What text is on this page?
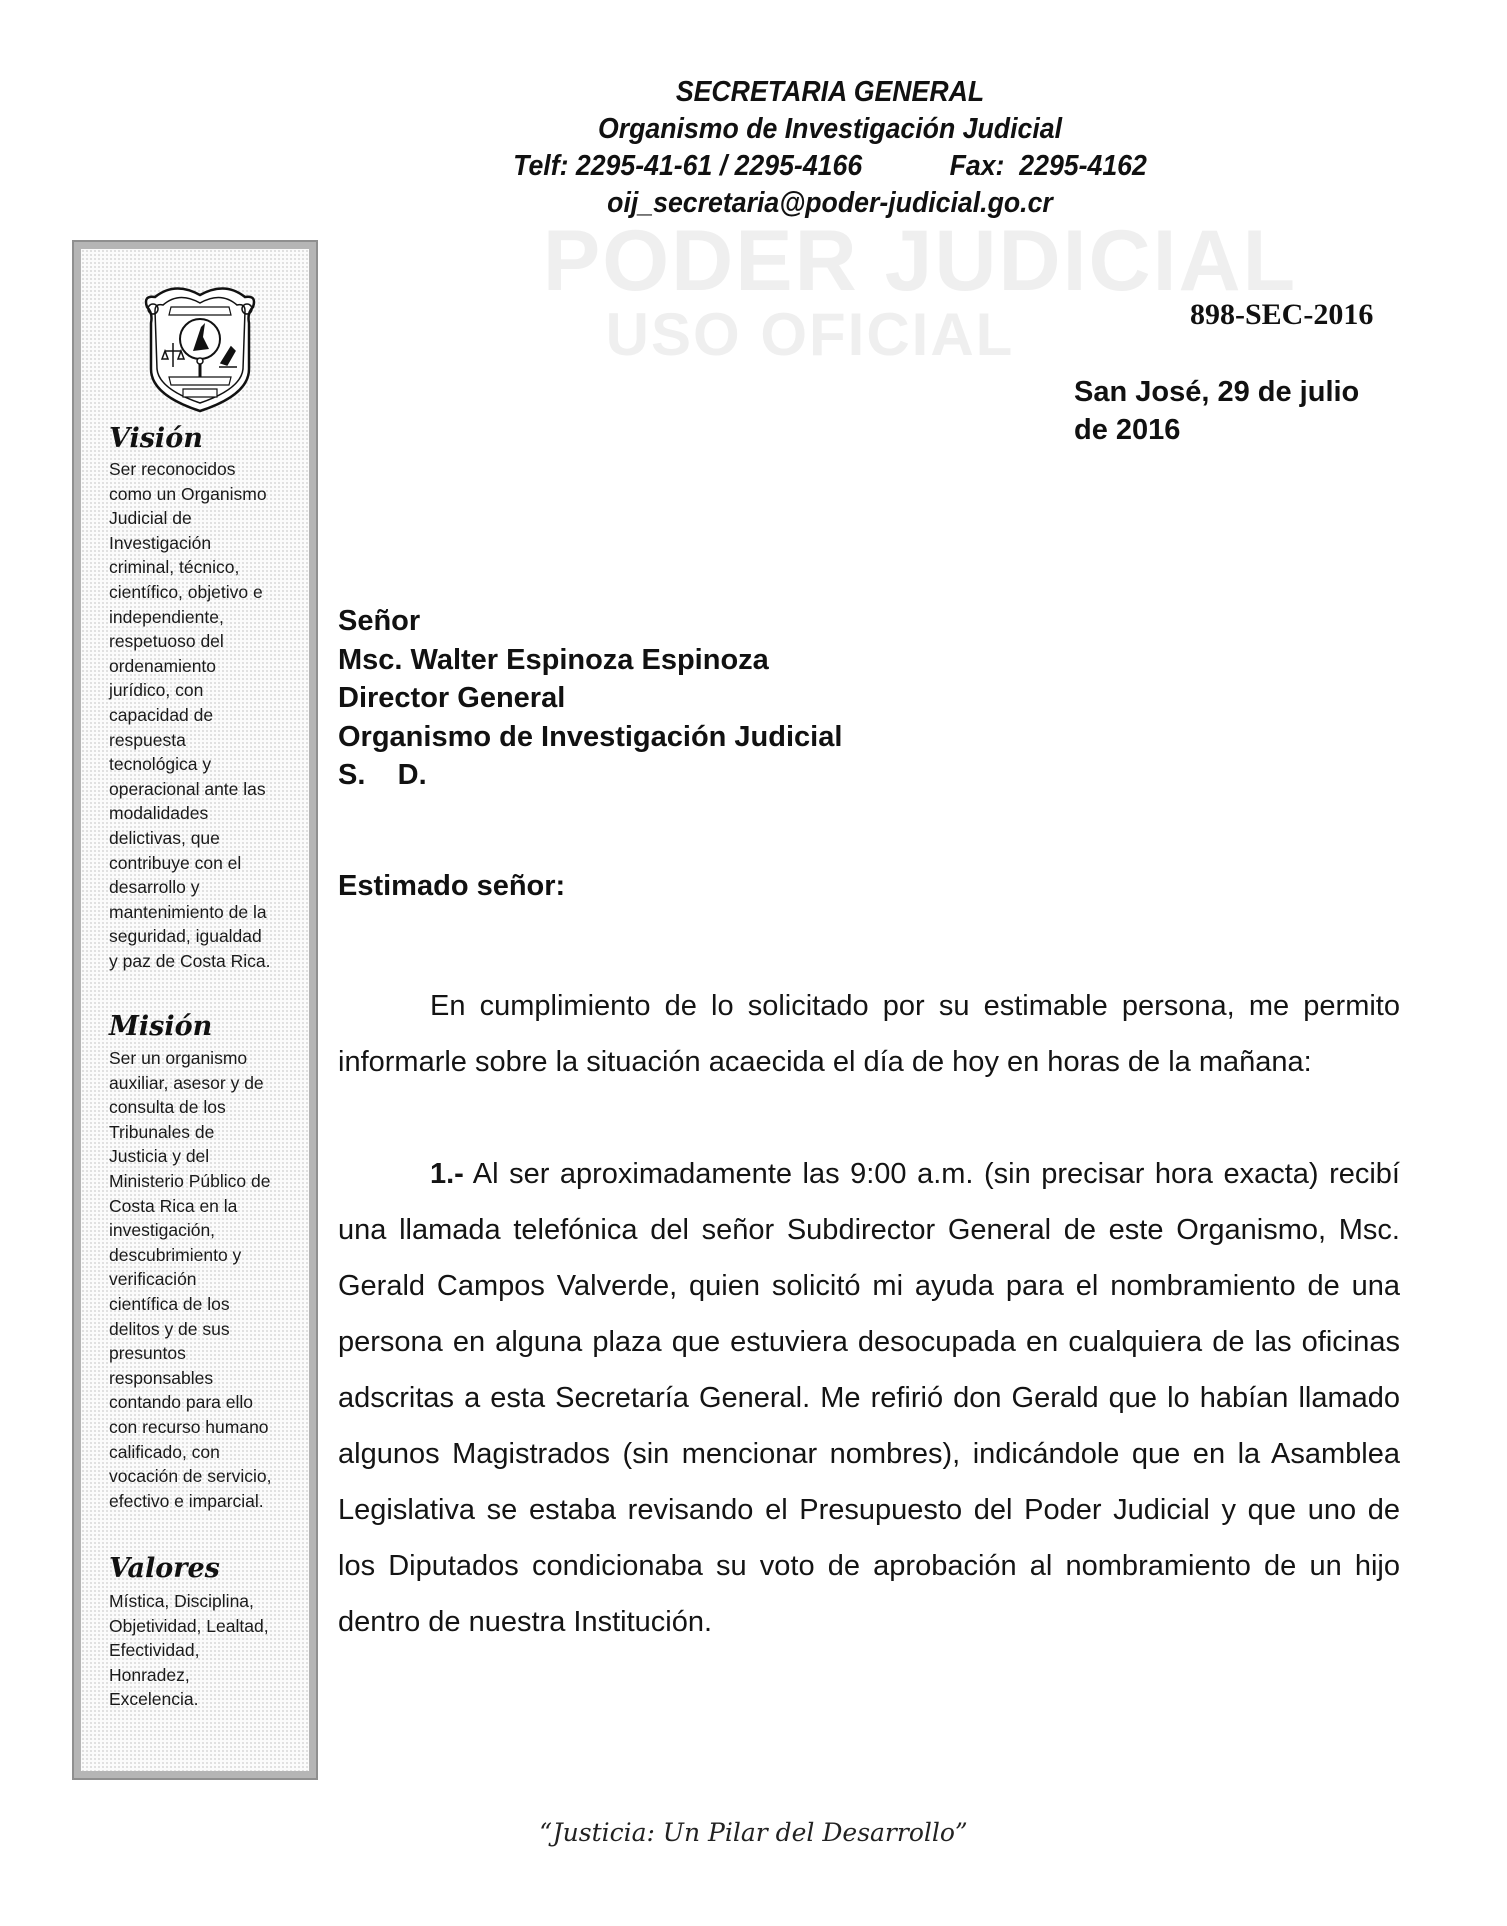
PODER JUDICIAL
USO OFICIAL
SECRETARIA GENERAL
Organismo de Investigación Judicial
Telf: 2295-41-61 / 2295-4166	Fax:  2295-4162
oij_secretaria@poder-judicial.go.cr
Visión
Ser reconocidos
como un Organismo
Judicial de
Investigación
criminal, técnico,
científico, objetivo e
independiente,
respetuoso del
ordenamiento
jurídico, con
capacidad de
respuesta
tecnológica y
operacional ante las
modalidades
delictivas, que
contribuye con el
desarrollo y
mantenimiento de la
seguridad, igualdad
y paz de Costa Rica.
Misión
Ser un organismo
auxiliar, asesor y de
consulta de los
Tribunales de
Justicia y del
Ministerio Público de
Costa Rica en la
investigación,
descubrimiento y
verificación
científica de los
delitos y de sus
presuntos
responsables
contando para ello
con recurso humano
calificado, con
vocación de servicio,
efectivo e imparcial.
Valores
Mística, Disciplina,
Objetividad, Lealtad,
Efectividad,
Honradez,
Excelencia.
898-SEC-2016
San José, 29 de julio
de 2016
Señor
Msc. Walter Espinoza Espinoza
Director General
Organismo de Investigación Judicial
S.    D.
Estimado señor:

En cumplimiento de lo solicitado por su estimable persona, me permito informarle sobre la situación acaecida el día de hoy en horas de la mañana:

1.- Al ser aproximadamente las 9:00 a.m. (sin precisar hora exacta) recibí una llamada telefónica del señor Subdirector General de este Organismo, Msc. Gerald Campos Valverde, quien solicitó mi ayuda para el nombramiento de una persona en alguna plaza que estuviera desocupada en cualquiera de las oficinas adscritas a esta Secretaría General. Me refirió don Gerald que lo habían llamado algunos Magistrados (sin mencionar nombres), indicándole que en la Asamblea Legislativa se estaba revisando el Presupuesto del Poder Judicial y que uno de los Diputados condicionaba su voto de aprobación al nombramiento de un hijo dentro de nuestra Institución.

“Justicia: Un Pilar del Desarrollo”
